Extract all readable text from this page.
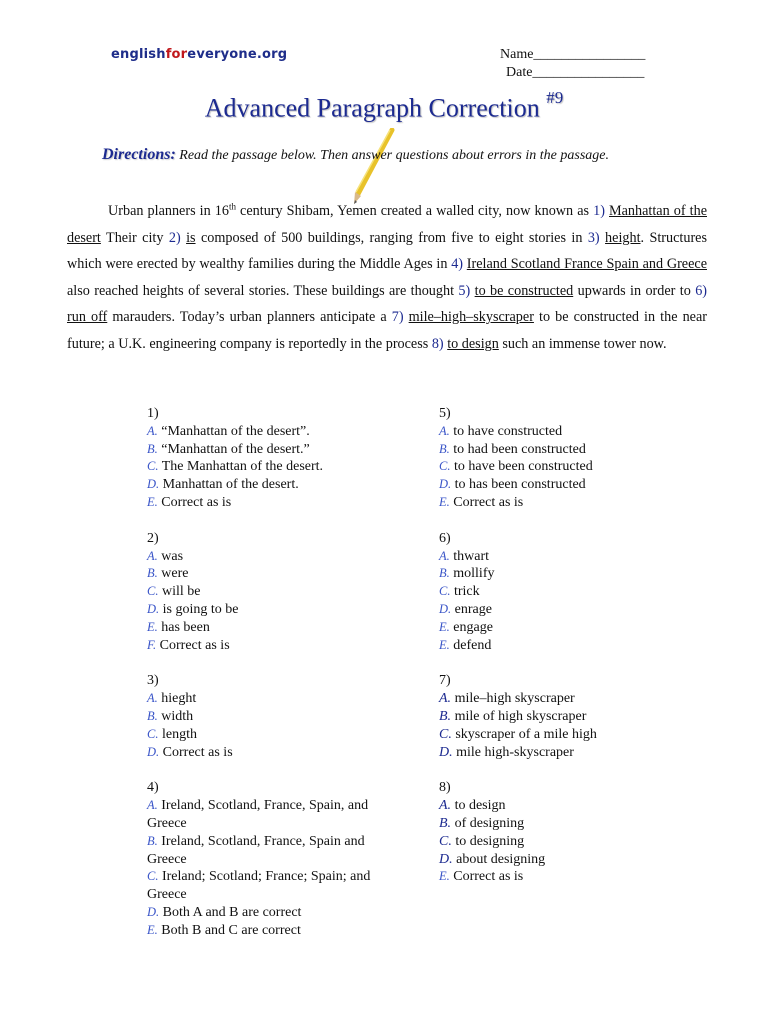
englishforeveryone.org	Name________________
Date________________
Advanced Paragraph Correction $^{\#9}$
Directions: Read the passage below. Then answer questions about errors in the passage.
Urban planners in 16th century Shibam, Yemen created a walled city, now known as 1) Manhattan of the desert Their city 2) is composed of 500 buildings, ranging from five to eight stories in 3) height. Structures which were erected by wealthy families during the Middle Ages in 4) Ireland Scotland France Spain and Greece also reached heights of several stories. These buildings are thought 5) to be constructed upwards in order to 6) run off marauders. Today’s urban planners anticipate a 7) mile–high–skyscraper to be constructed in the near future; a U.K. engineering company is reportedly in the process 8) to design such an immense tower now.
1)
A. “Manhattan of the desert”.
B. “Manhattan of the desert.”
C. The Manhattan of the desert.
D. Manhattan of the desert.
E. Correct as is
2)
A. was
B. were
C. will be
D. is going to be
E. has been
F. Correct as is
3)
A. hieght
B. width
C. length
D. Correct as is
4)
A. Ireland, Scotland, France, Spain, and Greece
B. Ireland, Scotland, France, Spain and Greece
C. Ireland; Scotland; France; Spain; and Greece
D. Both A and B are correct
E. Both B and C are correct
5)
A. to have constructed
B. to had been constructed
C. to have been constructed
D. to has been constructed
E. Correct as is
6)
A. thwart
B. mollify
C. trick
D. enrage
E. engage
E. defend
7)
A. mile–high skyscraper
B. mile of high skyscraper
C. skyscraper of a mile high
D. mile high-skyscraper
8)
A. to design
B. of designing
C. to designing
D. about designing
E. Correct as is
